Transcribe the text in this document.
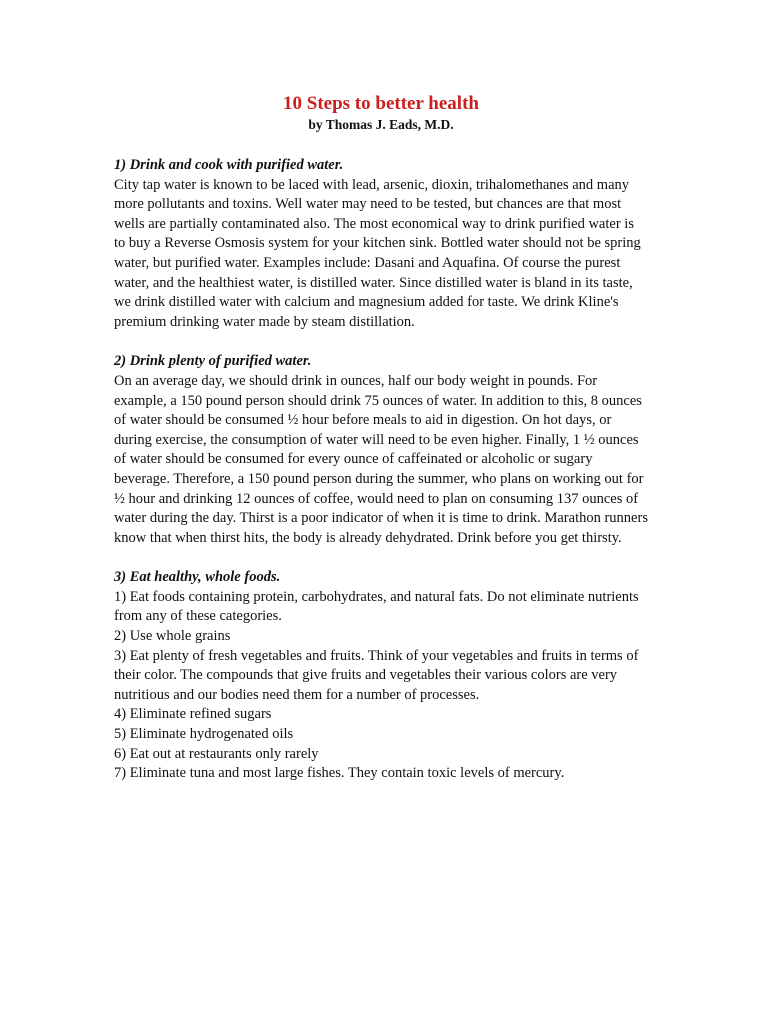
10 Steps to better health
by Thomas J. Eads, M.D.
1) Drink and cook with purified water.
City tap water is known to be laced with lead, arsenic, dioxin, trihalomethanes and many more pollutants and toxins. Well water may need to be tested, but chances are that most wells are partially contaminated also. The most economical way to drink purified water is to buy a Reverse Osmosis system for your kitchen sink. Bottled water should not be spring water, but purified water. Examples include: Dasani and Aquafina. Of course the purest water, and the healthiest water, is distilled water. Since distilled water is bland in its taste, we drink distilled water with calcium and magnesium added for taste. We drink Kline's premium drinking water made by steam distillation.
2) Drink plenty of purified water.
On an average day, we should drink in ounces, half our body weight in pounds. For example, a 150 pound person should drink 75 ounces of water. In addition to this, 8 ounces of water should be consumed ½ hour before meals to aid in digestion. On hot days, or during exercise, the consumption of water will need to be even higher. Finally, 1 ½ ounces of water should be consumed for every ounce of caffeinated or alcoholic or sugary beverage. Therefore, a 150 pound person during the summer, who plans on working out for ½ hour and drinking 12 ounces of coffee, would need to plan on consuming 137 ounces of water during the day. Thirst is a poor indicator of when it is time to drink. Marathon runners know that when thirst hits, the body is already dehydrated. Drink before you get thirsty.
3) Eat healthy, whole foods.
1) Eat foods containing protein, carbohydrates, and natural fats. Do not eliminate nutrients from any of these categories.
2) Use whole grains
3) Eat plenty of fresh vegetables and fruits. Think of your vegetables and fruits in terms of their color. The compounds that give fruits and vegetables their various colors are very nutritious and our bodies need them for a number of processes.
4) Eliminate refined sugars
5) Eliminate hydrogenated oils
6) Eat out at restaurants only rarely
7) Eliminate tuna and most large fishes. They contain toxic levels of mercury.
